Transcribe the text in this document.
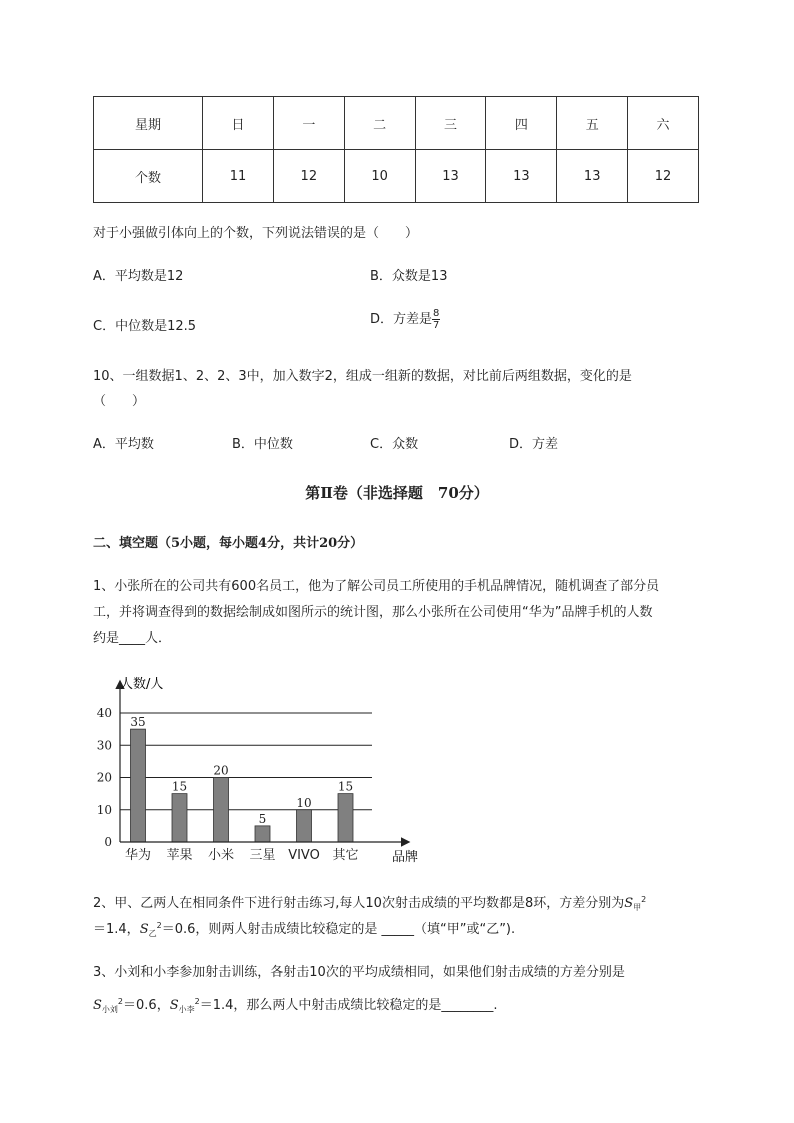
星期	日	一	二	三	四	五	六
个数	11	12	10	13	13	13	12
对于小强做引体向上的个数，下列说法错误的是（　　）
A．平均数是12	B．众数是13
C．中位数是12.5	D．方差是 $\frac{8}{7}$
10、一组数据1、2、2、3中，加入数字2，组成一组新的数据，对比前后两组数据，变化的是
（　　）
A．平均数	B．中位数	C．众数	D．方差
第Ⅱ卷（非选择题　70分）
二、填空题（5小题，每小题4分，共计20分）
1、小张所在的公司共有600名员工，他为了解公司员工所使用的手机品牌情况，随机调查了部分员
工，并将调查得到的数据绘制成如图所示的统计图，那么小张所在公司使用“华为”品牌手机的人数
约是____人．
0
10
20
30
40
35
华为
15
苹果
20
小米
5
三星
10
VIVO
15
其它
人数/人
品牌
2、甲、乙两人在相同条件下进行射击练习,每人10次射击成绩的平均数都是8环，方差分别为$S_甲^2$
＝1.4，$S_乙^2=0.6$，则两人射击成绩比较稳定的是 _____（填“甲”或“乙”).
3、小刘和小李参加射击训练，各射击10次的平均成绩相同，如果他们射击成绩的方差分别是
$S_{小刘}^2=0.6$，$S_{小李}^2=1.4$，那么两人中射击成绩比较稳定的是________.
